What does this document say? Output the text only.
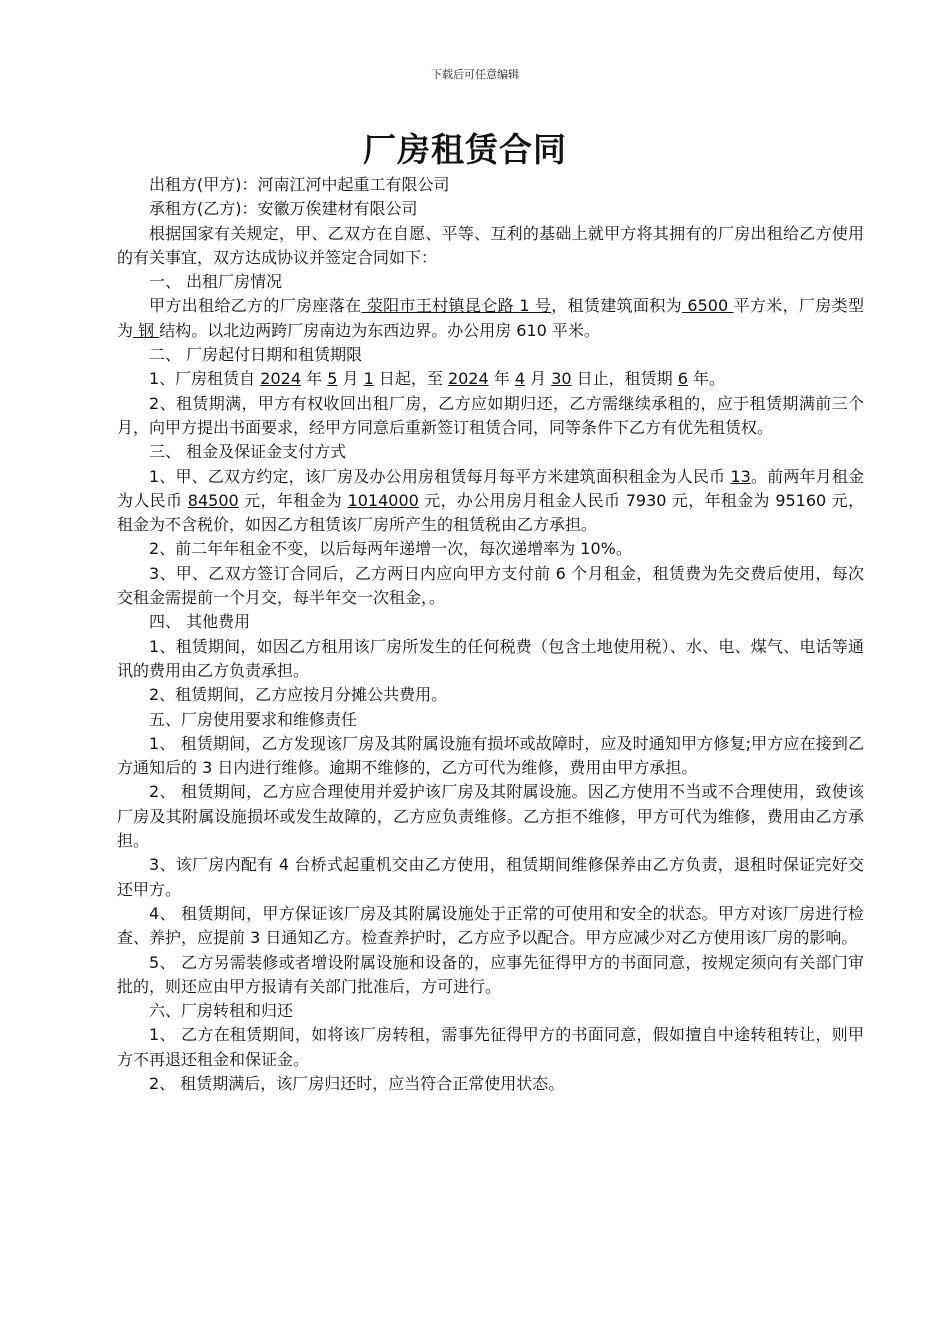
下载后可任意编辑
厂房租赁合同

出租方(甲方)：河南江河中起重工有限公司

承租方(乙方)：安徽万俟建材有限公司

根据国家有关规定，甲、乙双方在自愿、平等、互利的基础上就甲方将其拥有的厂房出租给乙方使用的有关事宜，双方达成协议并签定合同如下：

一、 出租厂房情况

甲方出租给乙方的厂房座落在 荥阳市王村镇昆仑路 1 号，租赁建筑面积为 6500 平方米，厂房类型为 钢 结构。以北边两跨厂房南边为东西边界。办公用房 610 平米。

二、 厂房起付日期和租赁期限

1、厂房租赁自 2024 年 5 月 1 日起，至 2024 年 4 月 30 日止，租赁期 6 年。

2、租赁期满，甲方有权收回出租厂房，乙方应如期归还，乙方需继续承租的，应于租赁期满前三个月，向甲方提出书面要求，经甲方同意后重新签订租赁合同，同等条件下乙方有优先租赁权。

三、 租金及保证金支付方式

1、甲、乙双方约定，该厂房及办公用房租赁每月每平方米建筑面积租金为人民币 13。前两年月租金为人民币 84500 元，年租金为 1014000 元，办公用房月租金人民币 7930 元，年租金为 95160 元，租金为不含税价，如因乙方租赁该厂房所产生的租赁税由乙方承担。

2、前二年年租金不变，以后每两年递增一次，每次递增率为 10%。

3、甲、乙双方签订合同后，乙方两日内应向甲方支付前 6 个月租金，租赁费为先交费后使用，每次交租金需提前一个月交，每半年交一次租金，。

四、 其他费用

1、租赁期间，如因乙方租用该厂房所发生的任何税费（包含土地使用税）、水、电、煤气、电话等通讯的费用由乙方负责承担。

2、租赁期间，乙方应按月分摊公共费用。

五、厂房使用要求和维修责任

1、 租赁期间，乙方发现该厂房及其附属设施有损坏或故障时，应及时通知甲方修复;甲方应在接到乙方通知后的 3 日内进行维修。逾期不维修的，乙方可代为维修，费用由甲方承担。

2、 租赁期间，乙方应合理使用并爱护该厂房及其附属设施。因乙方使用不当或不合理使用，致使该厂房及其附属设施损坏或发生故障的，乙方应负责维修。乙方拒不维修，甲方可代为维修，费用由乙方承担。

3、该厂房内配有 4 台桥式起重机交由乙方使用，租赁期间维修保养由乙方负责，退租时保证完好交还甲方。

4、 租赁期间，甲方保证该厂房及其附属设施处于正常的可使用和安全的状态。甲方对该厂房进行检查、养护，应提前 3 日通知乙方。检查养护时，乙方应予以配合。甲方应减少对乙方使用该厂房的影响。

5、 乙方另需装修或者增设附属设施和设备的，应事先征得甲方的书面同意，按规定须向有关部门审批的，则还应由甲方报请有关部门批准后，方可进行。

六、厂房转租和归还

1、 乙方在租赁期间，如将该厂房转租，需事先征得甲方的书面同意，假如擅自中途转租转让，则甲方不再退还租金和保证金。

2、 租赁期满后，该厂房归还时，应当符合正常使用状态。
